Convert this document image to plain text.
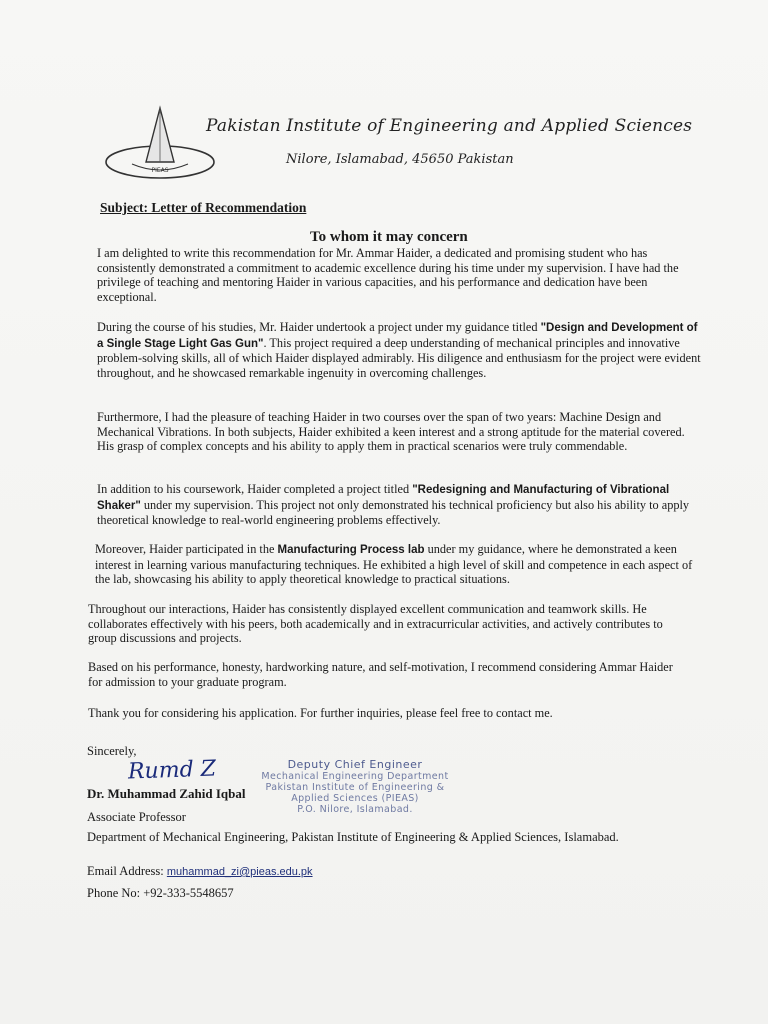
PIEAS
Pakistan Institute of Engineering and Applied Sciences
Nilore, Islamabad, 45650 Pakistan
Subject: Letter of Recommendation
To whom it may concern

I am delighted to write this recommendation for Mr. Ammar Haider, a dedicated and promising student who has consistently demonstrated a commitment to academic excellence during his time under my supervision. I have had the privilege of teaching and mentoring Haider in various capacities, and his performance and dedication have been exceptional.

During the course of his studies, Mr. Haider undertook a project under my guidance titled "Design and Development of a Single Stage Light Gas Gun". This project required a deep understanding of mechanical principles and innovative problem-solving skills, all of which Haider displayed admirably. His diligence and enthusiasm for the project were evident throughout, and he showcased remarkable ingenuity in overcoming challenges.

Furthermore, I had the pleasure of teaching Haider in two courses over the span of two years: Machine Design and Mechanical Vibrations. In both subjects, Haider exhibited a keen interest and a strong aptitude for the material covered. His grasp of complex concepts and his ability to apply them in practical scenarios were truly commendable.

In addition to his coursework, Haider completed a project titled "Redesigning and Manufacturing of Vibrational Shaker" under my supervision. This project not only demonstrated his technical proficiency but also his ability to apply theoretical knowledge to real-world engineering problems effectively.

Moreover, Haider participated in the Manufacturing Process lab under my guidance, where he demonstrated a keen interest in learning various manufacturing techniques. He exhibited a high level of skill and competence in each aspect of the lab, showcasing his ability to apply theoretical knowledge to practical situations.

Throughout our interactions, Haider has consistently displayed excellent communication and teamwork skills. He collaborates effectively with his peers, both academically and in extracurricular activities, and actively contributes to group discussions and projects.

Based on his performance, honesty, hardworking nature, and self-motivation, I recommend considering Ammar Haider for admission to your graduate program.

Thank you for considering his application. For further inquiries, please feel free to contact me.

Sincerely,
Rumd Z	Deputy Chief Engineer
Mechanical Engineering Department
Pakistan Institute of Engineering &
Applied Sciences (PIEAS)
P.O. Nilore, Islamabad.
Dr. Muhammad Zahid Iqbal
Associate Professor
Department of Mechanical Engineering, Pakistan Institute of Engineering & Applied Sciences, Islamabad.
Email Address: muhammad_zi@pieas.edu.pk
Phone No: +92-333-5548657
